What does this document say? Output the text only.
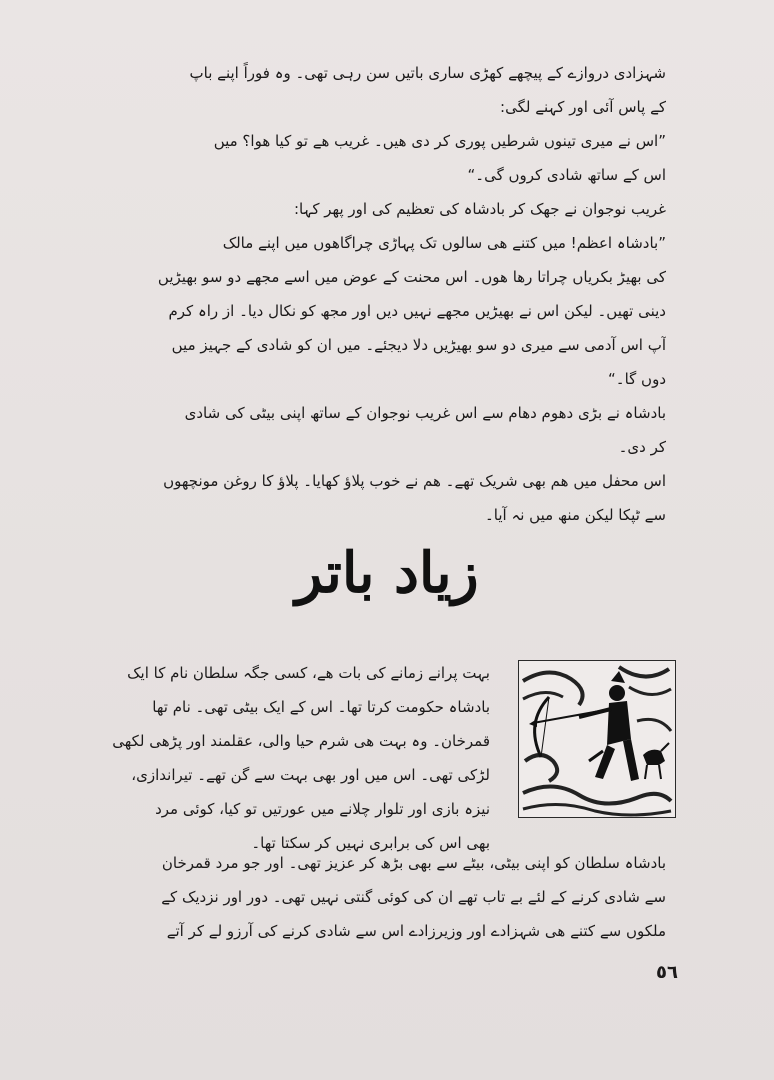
شہزادی دروازے کے پیچھے کھڑی ساری باتیں سن رہی تھی۔ وہ فوراً اپنے باپ
کے پاس آئی اور کہنے لگی:
”اس نے میری تینوں شرطیں پوری کر دی ھیں۔ غریب ھے تو کیا ھوا؟ میں
اس کے ساتھ شادی کروں گی۔“
غریب نوجوان نے جھک کر بادشاہ کی تعظیم کی اور پھر کہا:
”بادشاہ اعظم! میں کتنے ھی سالوں تک پہاڑی چراگاھوں میں اپنے مالک
کی بھیڑ بکریاں چراتا رھا ھوں۔ اس محنت کے عوض میں اسے مجھے دو سو بھیڑیں
دینی تھیں۔ لیکن اس نے بھیڑیں مجھے نہیں دیں اور مجھ کو نکال دیا۔ از راہ کرم
آپ اس آدمی سے میری دو سو بھیڑیں دلا دیجئے۔ میں ان کو شادی کے جہیز میں
دوں گا۔“
بادشاہ نے بڑی دھوم دھام سے اس غریب نوجوان کے ساتھ اپنی بیٹی کی شادی
کر دی۔
اس محفل میں ھم بھی شریک تھے۔ ھم نے خوب پلاؤ کھایا۔ پلاؤ کا روغن مونچھوں
سے ٹپکا لیکن منھ میں نہ آیا۔
زیاد باتر
بہت پرانے زمانے کی بات ھے، کسی جگہ سلطان نام کا ایک
بادشاہ حکومت کرتا تھا۔ اس کے ایک بیٹی تھی۔ نام تھا
قمرخان۔ وہ بہت ھی شرم حیا والی، عقلمند اور پڑھی لکھی
لڑکی تھی۔ اس میں اور بھی بہت سے گن تھے۔ تیراندازی،
نیزہ بازی اور تلوار چلانے میں عورتیں تو کیا، کوئی مرد
بھی اس کی برابری نہیں کر سکتا تھا۔
بادشاہ سلطان کو اپنی بیٹی، بیٹے سے بھی بڑھ کر عزیز تھی۔ اور جو مرد قمرخان
سے شادی کرنے کے لئے بے تاب تھے ان کی کوئی گنتی نہیں تھی۔ دور اور نزدیک کے
ملکوں سے کتنے ھی شہزادے اور وزیرزادے اس سے شادی کرنے کی آرزو لے کر آتے
٥٦
